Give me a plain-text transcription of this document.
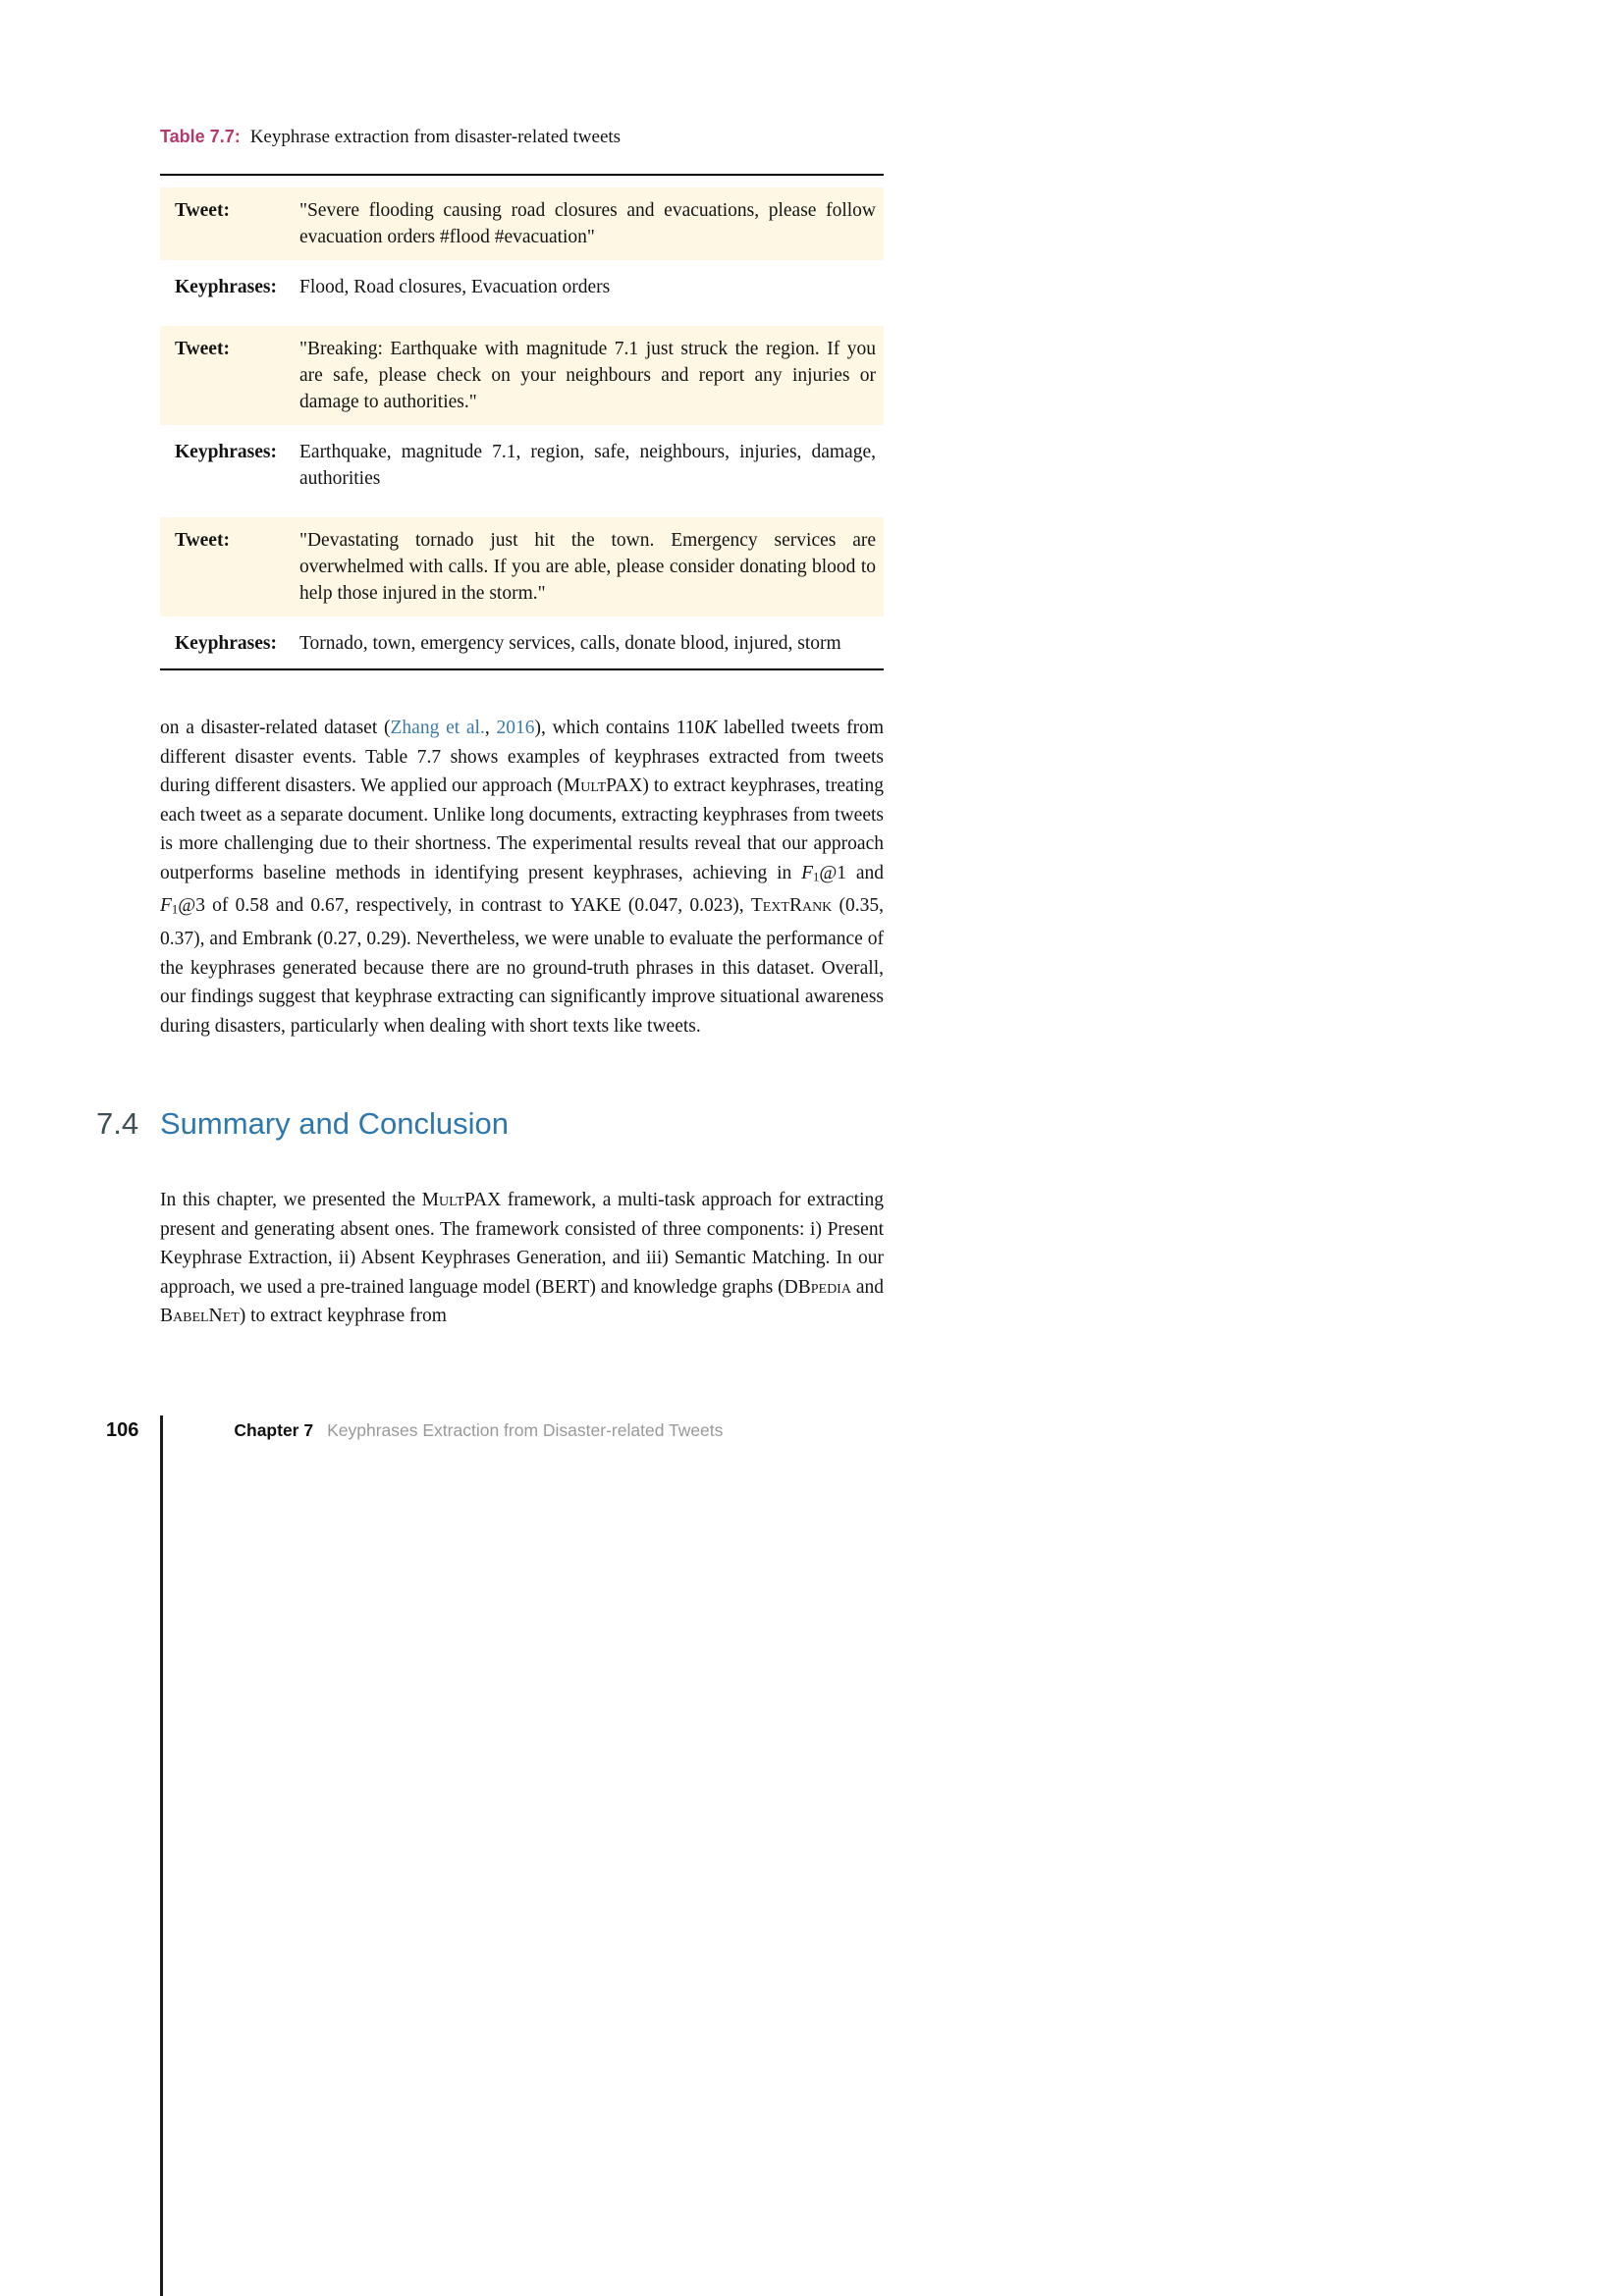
Table 7.7: Keyphrase extraction from disaster-related tweets

Tweet:	"Severe flooding causing road closures and evacuations, please follow evacuation orders #flood #evacuation"
Keyphrases:	Flood, Road closures, Evacuation orders
Tweet:	"Breaking: Earthquake with magnitude 7.1 just struck the region. If you are safe, please check on your neighbours and report any injuries or damage to authorities."
Keyphrases:	Earthquake, magnitude 7.1, region, safe, neighbours, injuries, damage, authorities
Tweet:	"Devastating tornado just hit the town. Emergency services are overwhelmed with calls. If you are able, please consider donating blood to help those injured in the storm."
Keyphrases:	Tornado, town, emergency services, calls, donate blood, injured, storm

on a disaster-related dataset (Zhang et al., 2016), which contains 110K labelled tweets from different disaster events. Table 7.7 shows examples of keyphrases extracted from tweets during different disasters. We applied our approach (MultPAX) to extract keyphrases, treating each tweet as a separate document. Unlike long documents, extracting keyphrases from tweets is more challenging due to their shortness. The experimental results reveal that our approach outperforms baseline methods in identifying present keyphrases, achieving in F1@1 and F1@3 of 0.58 and 0.67, respectively, in contrast to YAKE (0.047, 0.023), TextRank (0.35, 0.37), and Embrank (0.27, 0.29). Nevertheless, we were unable to evaluate the performance of the keyphrases generated because there are no ground-truth phrases in this dataset. Overall, our findings suggest that keyphrase extracting can significantly improve situational awareness during disasters, particularly when dealing with short texts like tweets.

7.4 Summary and Conclusion

In this chapter, we presented the MultPAX framework, a multi-task approach for extracting present and generating absent ones. The framework consisted of three components: i) Present Keyphrase Extraction, ii) Absent Keyphrases Generation, and iii) Semantic Matching. In our approach, we used a pre-trained language model (BERT) and knowledge graphs (DBpedia and BabelNet) to extract keyphrase from

106	Chapter 7 Keyphrases Extraction from Disaster-related Tweets
